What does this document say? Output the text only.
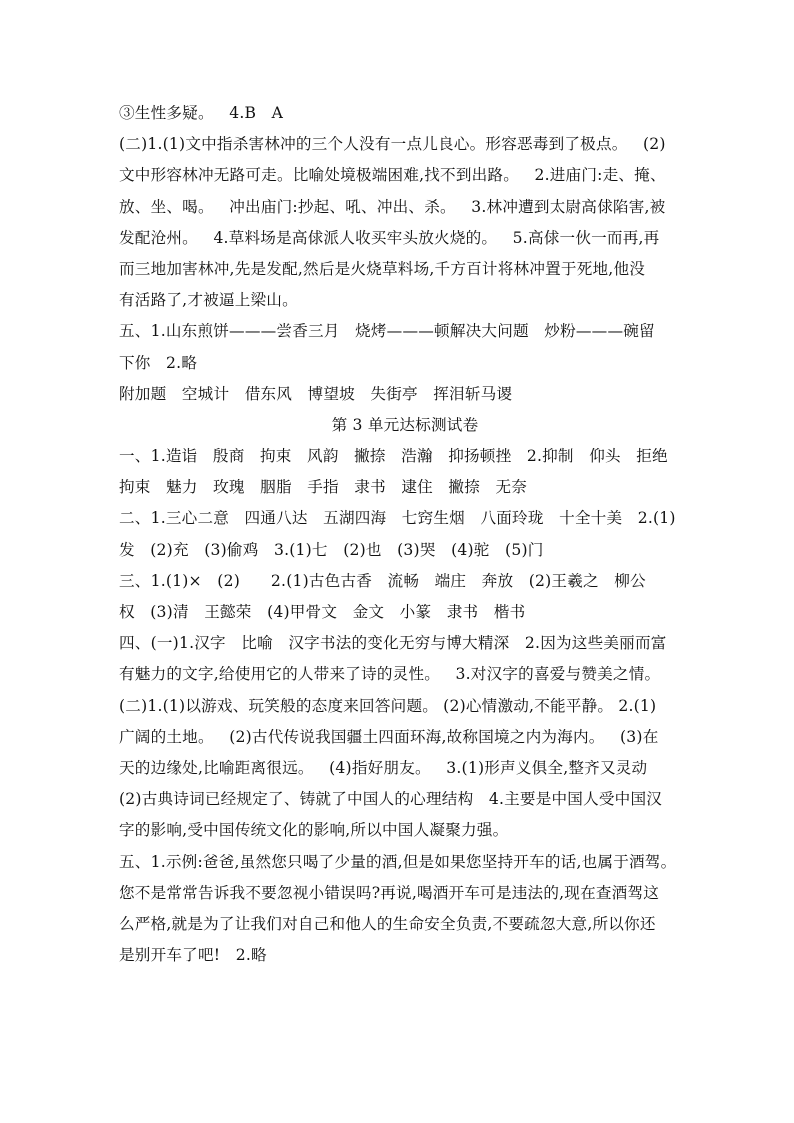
③生性多疑。   4.B   A
(二)1.(1)文中指杀害林冲的三个人没有一点儿良心。形容恶毒到了极点。   (2)
文中形容林冲无路可走。比喻处境极端困难,找不到出路。   2.进庙门:走、掩、
放、坐、喝。   冲出庙门:抄起、吼、冲出、杀。   3.林冲遭到太尉高俅陷害,被
发配沧州。   4.草料场是高俅派人收买牢头放火烧的。   5.高俅一伙一而再,再
而三地加害林冲,先是发配,然后是火烧草料场,千方百计将林冲置于死地,他没
有活路了,才被逼上梁山。
五、1.山东煎饼———尝香三月   烧烤———顿解决大问题   炒粉———碗留
下你   2.略
附加题   空城计   借东风   博望坡   失街亭   挥泪斩马谡
第 3 单元达标测试卷
一、1.造诣   殷商   拘束   风韵   撇捺   浩瀚   抑扬顿挫   2.抑制   仰头   拒绝
拘束   魅力   玫瑰   胭脂   手指   隶书   逮住   撇捺   无奈
二、1.三心二意   四通八达   五湖四海   七窍生烟   八面玲珑   十全十美   2.(1)
发   (2)充   (3)偷鸡   3.(1)七   (2)也   (3)哭   (4)驼   (5)门
三、1.(1)×   (2)      2.(1)古色古香   流畅   端庄   奔放   (2)王羲之   柳公
权   (3)清   王懿荣   (4)甲骨文   金文   小篆   隶书   楷书
四、(一)1.汉字   比喻   汉字书法的变化无穷与博大精深   2.因为这些美丽而富
有魅力的文字,给使用它的人带来了诗的灵性。   3.对汉字的喜爱与赞美之情。
(二)1.(1)以游戏、玩笑般的态度来回答问题。 (2)心情激动,不能平静。 2.(1)
广阔的土地。   (2)古代传说我国疆土四面环海,故称国境之内为海内。   (3)在
天的边缘处,比喻距离很远。   (4)指好朋友。   3.(1)形声义俱全,整齐又灵动
(2)古典诗词已经规定了、铸就了中国人的心理结构   4.主要是中国人受中国汉
字的影响,受中国传统文化的影响,所以中国人凝聚力强。
五、1.示例:爸爸,虽然您只喝了少量的酒,但是如果您坚持开车的话,也属于酒驾。
您不是常常告诉我不要忽视小错误吗?再说,喝酒开车可是违法的,现在查酒驾这
么严格,就是为了让我们对自己和他人的生命安全负责,不要疏忽大意,所以你还
是别开车了吧!   2.略
